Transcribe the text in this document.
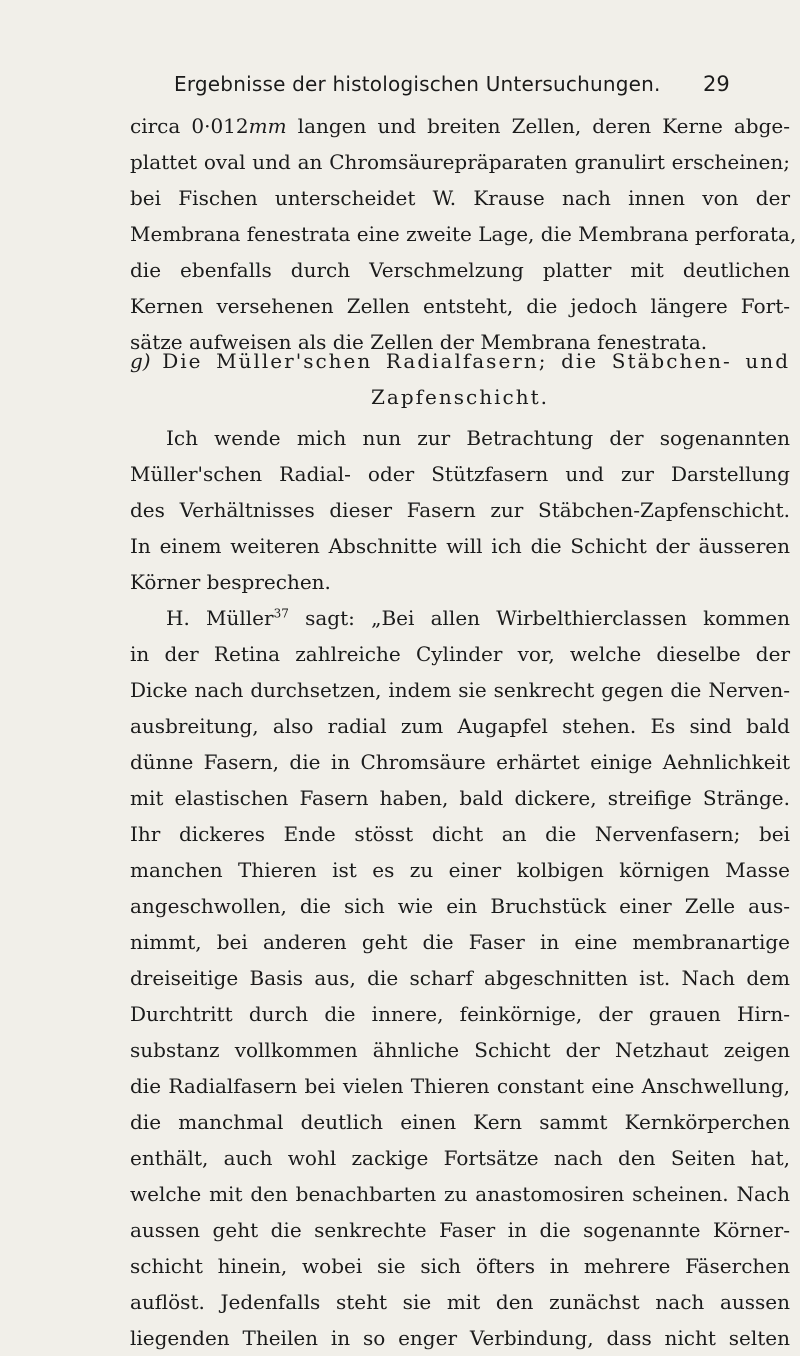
Ergebnisse der histologischen Untersuchungen. 29
circa 0·012mm langen und breiten Zellen, deren Kerne abge-
plattet oval und an Chromsäurepräparaten granulirt erscheinen;
bei Fischen unterscheidet W. Krause nach innen von der
Membrana fenestrata eine zweite Lage, die Membrana perforata,
die ebenfalls durch Verschmelzung platter mit deutlichen
Kernen versehenen Zellen entsteht, die jedoch längere Fort-
sätze aufweisen als die Zellen der Membrana fenestrata.
g) Die Müller'schen Radialfasern; die Stäbchen- und
Zapfenschicht.
Ich wende mich nun zur Betrachtung der sogenannten
Müller'schen Radial- oder Stützfasern und zur Darstellung
des Verhältnisses dieser Fasern zur Stäbchen-Zapfenschicht.
In einem weiteren Abschnitte will ich die Schicht der äusseren
Körner besprechen.
H. Müller$^{37}$ sagt: „Bei allen Wirbelthierclassen kommen
in der Retina zahlreiche Cylinder vor, welche dieselbe der
Dicke nach durchsetzen, indem sie senkrecht gegen die Nerven-
ausbreitung, also radial zum Augapfel stehen. Es sind bald
dünne Fasern, die in Chromsäure erhärtet einige Aehnlichkeit
mit elastischen Fasern haben, bald dickere, streifige Stränge.
Ihr dickeres Ende stösst dicht an die Nervenfasern; bei
manchen Thieren ist es zu einer kolbigen körnigen Masse
angeschwollen, die sich wie ein Bruchstück einer Zelle aus-
nimmt, bei anderen geht die Faser in eine membranartige
dreiseitige Basis aus, die scharf abgeschnitten ist. Nach dem
Durchtritt durch die innere, feinkörnige, der grauen Hirn-
substanz vollkommen ähnliche Schicht der Netzhaut zeigen
die Radialfasern bei vielen Thieren constant eine Anschwellung,
die manchmal deutlich einen Kern sammt Kernkörperchen
enthält, auch wohl zackige Fortsätze nach den Seiten hat,
welche mit den benachbarten zu anastomosiren scheinen. Nach
aussen geht die senkrechte Faser in die sogenannte Körner-
schicht hinein, wobei sie sich öfters in mehrere Fäserchen
auflöst. Jedenfalls steht sie mit den zunächst nach aussen
liegenden Theilen in so enger Verbindung, dass nicht selten
